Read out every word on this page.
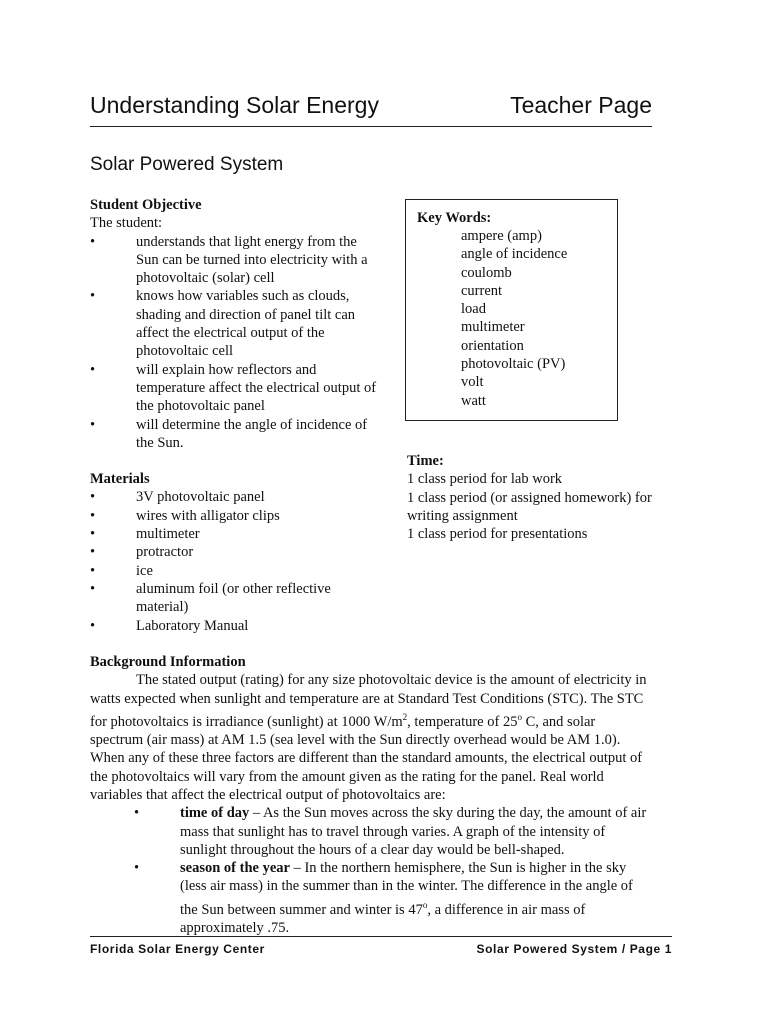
Understanding Solar Energy	Teacher Page
Solar Powered System
Student Objective
The student:
• understands that light energy from the Sun can be turned into electricity with a photovoltaic (solar) cell
• knows how variables such as clouds, shading and direction of panel tilt can affect the electrical output of the photovoltaic cell
• will explain how reflectors and temperature affect the electrical output of the photovoltaic panel
• will determine the angle of incidence of the Sun.
Materials
• 3V photovoltaic panel
• wires with alligator clips
• multimeter
• protractor
• ice
• aluminum foil (or other reflective material)
• Laboratory Manual
Key Words:
ampere (amp)
angle of incidence
coulomb
current
load
multimeter
orientation
photovoltaic (PV)
volt
watt
Time:
1 class period for lab work
1 class period (or assigned homework) for writing assignment
1 class period for presentations
Background Information

The stated output (rating) for any size photovoltaic device is the amount of electricity in watts expected when sunlight and temperature are at Standard Test Conditions (STC). The STC for photovoltaics is irradiance (sunlight) at 1000 $W/m^2$, temperature of 25$^o$ C, and solar spectrum (air mass) at AM 1.5 (sea level with the Sun directly overhead would be AM 1.0). When any of these three factors are different than the standard amounts, the electrical output of the photovoltaics will vary from the amount given as the rating for the panel. Real world variables that affect the electrical output of photovoltaics are:

• time of day – As the Sun moves across the sky during the day, the amount of air mass that sunlight has to travel through varies. A graph of the intensity of sunlight throughout the hours of a clear day would be bell-shaped.
• season of the year – In the northern hemisphere, the Sun is higher in the sky (less air mass) in the summer than in the winter. The difference in the angle of the Sun between summer and winter is 47$^o$, a difference in air mass of approximately .75.
Florida Solar Energy Center	Solar Powered System / Page 1
